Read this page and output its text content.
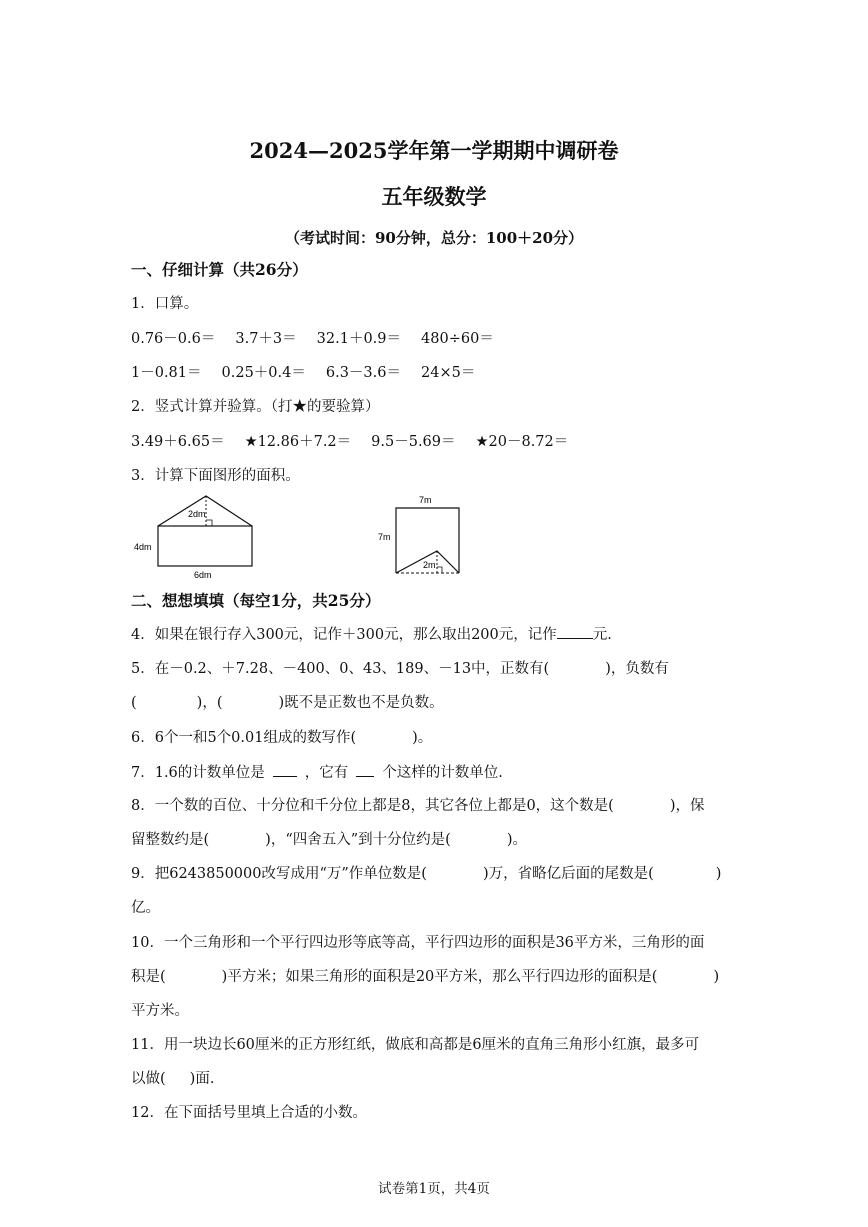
2024—2025学年第一学期期中调研卷
五年级数学
（考试时间：90分钟，总分：100＋20分）
一、仔细计算（共26分）
1．口算。
0.76－0.6＝ 3.7＋3＝ 32.1＋0.9＝ 480÷60＝
1－0.81＝ 0.25＋0.4＝ 6.3－3.6＝ 24×5＝
2．竖式计算并验算。（打★的要验算）
3.49＋6.65＝ ★12.86＋7.2＝ 9.5－5.69＝ ★20－8.72＝
3．计算下面图形的面积。
2dm
4dm
6dm
7m
7m
2m
二、想想填填（每空1分，共25分）
4．如果在银行存入300元，记作＋300元，那么取出200元，记作 元.
5．在－0.2、＋7.28、－400、0、43、189、－13中，正数有(	)，负数有
(	)，(	)既不是正数也不是负数。
6．6个一和5个0.01组成的数写作(	)。
7．1.6的计数单位是	，它有 个这样的计数单位.
8．一个数的百位、十分位和千分位上都是8，其它各位上都是0，这个数是(	)，保
留整数约是(	)，“四舍五入”到十分位约是(	)。
9．把6243850000改写成用“万”作单位数是(	)万，省略亿后面的尾数是(	)
亿。
10．一个三角形和一个平行四边形等底等高，平行四边形的面积是36平方米，三角形的面
积是(	)平方米；如果三角形的面积是20平方米，那么平行四边形的面积是(	)
平方米。
11．用一块边长60厘米的正方形红纸，做底和高都是6厘米的直角三角形小红旗，最多可
以做( )面.
12．在下面括号里填上合适的小数。
试卷第1页，共4页
